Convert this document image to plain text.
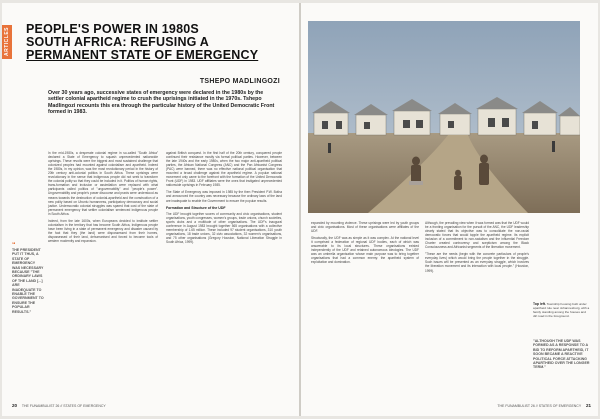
ARTICLES PEOPLE'S POWER IN 1980S
SOUTH AFRICA: REFUSING A
PERMANENT STATE OF EMERGENCY
TSHEPO MADLINGOZI
Over 30 years ago, successive states of emergency were declared in the 1980s by the settler colonial apartheid regime to crush the uprisings initiated in the 1970s. Tshepo Madlingozi recounts this era through the particular history of the United Democratic Front formed in 1983.

In the mid-1980s, a desperate colonial regime in so-called "South Africa" declared a State of Emergency to squash unprecedented nationwide uprisings. These revolts were the biggest and most sustained challenge that colonized peoples had mounted against colonialism and apartheid. Indeed the 1980s, in my opinion, was the most revolutionary period in the history of 20th century anti-colonial politics in South Africa. These uprisings were revolutionary in the sense that indigenous people did not seek to transform the colonial polity so that they could be included in it. Politics of human rights, trans-formation and inclusion or assimilation were replaced with what participants called politics of "ungovernability" and "people's power". Ungovernability and people's power discourse and praxis were understood as means towards the destruction of colonial-apartheid and the construction of a new polity based on Ubuntu humanness, participatory democracy and social justice. Undemocratic colonial struggles was spared that cost of the state of permanent emergency that settler colonialism sentenced indigenous people in South Africa.

Indeed, from the late 1600s, when Europeans decided to institute settler colonialism in the territory that has become South Africa, Indigenous people have been living in a state of permanent emergency and disaster caused by the fact that they (the land) were dispossessed from their homes, dispossessed of their land, dehumanised and forced to become tools of western modernity and expansion.

“
THE PRESIDENT PUT IT THUS, A STATE OF EMERGENCY WAS NECESSARY BECAUSE "THE ORDINARY LAWS OF THE LAND [...] ARE INADEQUATE TO ENABLE THE GOVERNMENT TO ENSURE THE POPULAR RESULTS."

against British conquest. In the first half of the 20th century, conquered people continued their resistance mostly via formal political parties. However, between the late 1940s and the early 1980s, when the two major anti-apartheid political parties, the African National Congress (ANC) and the Pan Africanist Congress (PAC) were banned, there was no effective national political organisation that mounted a broad challenge against the apartheid regime. A popular national movement only came to the forefront with the formation of the United Democratic Front (UDF) in 1983. UDF affiliates were the ones that instigated unprecedented nationwide uprisings in February 1985.

The State of Emergency was imposed in 1985 by the then President P.W. Botha and announced the country was necessary because the ordinary laws of the land are inadequate to enable the Government to ensure the popular results.

Formation and Structure of the UDF

The UDF brought together scores of community and civic organisations, student organisations, youth congresses, women's groups, trade unions, church societies, sports clubs and a multitude of other organisations. The UDF's inaugural conference in August 1983 brought together 565 organisations with a collective membership of 1.65 million. These included 97 student organisations, 310 youth organisations, 18 trade unions, 32 civic associations, 32 women's organisations, and 75 other organisations (Gregory Houston, National Liberation Struggle in South Africa, 1999).

20 THE FUNAMBULIST 26 // STATES OF EMERGENCY

expanded by mounting violence. These uprisings were led by youth groups and civic organisations. Most of these organisations were affiliates of the UDF.

Structurally, the UDF was as simple as it was complex. At the national level it comprised a federation of regional UDF bodies, each of which was answerable to its local structures. These organisations existed independently of the UDF and retained autonomous ideologies. The UDF was an umbrella organisation whose main purpose was to bring together organisations that had a common enemy: the apartheid system of exploitation and domination.

Although, the prevailing view when it was formed was that the UDF would be a fronting organisation for the pursuit of the ANC, the UDF leadership clearly stated that its objective was to consolidate the non-racial democratic forces that would topple the apartheid regime. Its explicit inclusion of a commitment to non-racialism and the influential Freedom Charter created controversy and scepticism among the Black Consciousness and Africanist segments of the liberation movement.

"These are the needs (begin with the concrete particulars of people's everyday lives) which would bring the people together in the struggle. Such issues will be presented as an everyday struggle, which involves the liberation movement and its interaction with local people." (Houston, 1999).

Top left. Township housing built under apartheid rule near Johannesburg, with a family standing among the houses and dirt road in the foreground.
"ALTHOUGH THE UDF WAS FORMED AS A RESPONSE TO A BID TO REFORM APARTHEID, IT SOON BECAME A REACTIVE POLITICAL FORCE ATTACKING APARTHEID OVER THE LONGER TERM."
THE FUNAMBULIST 26 // STATES OF EMERGENCY 21
